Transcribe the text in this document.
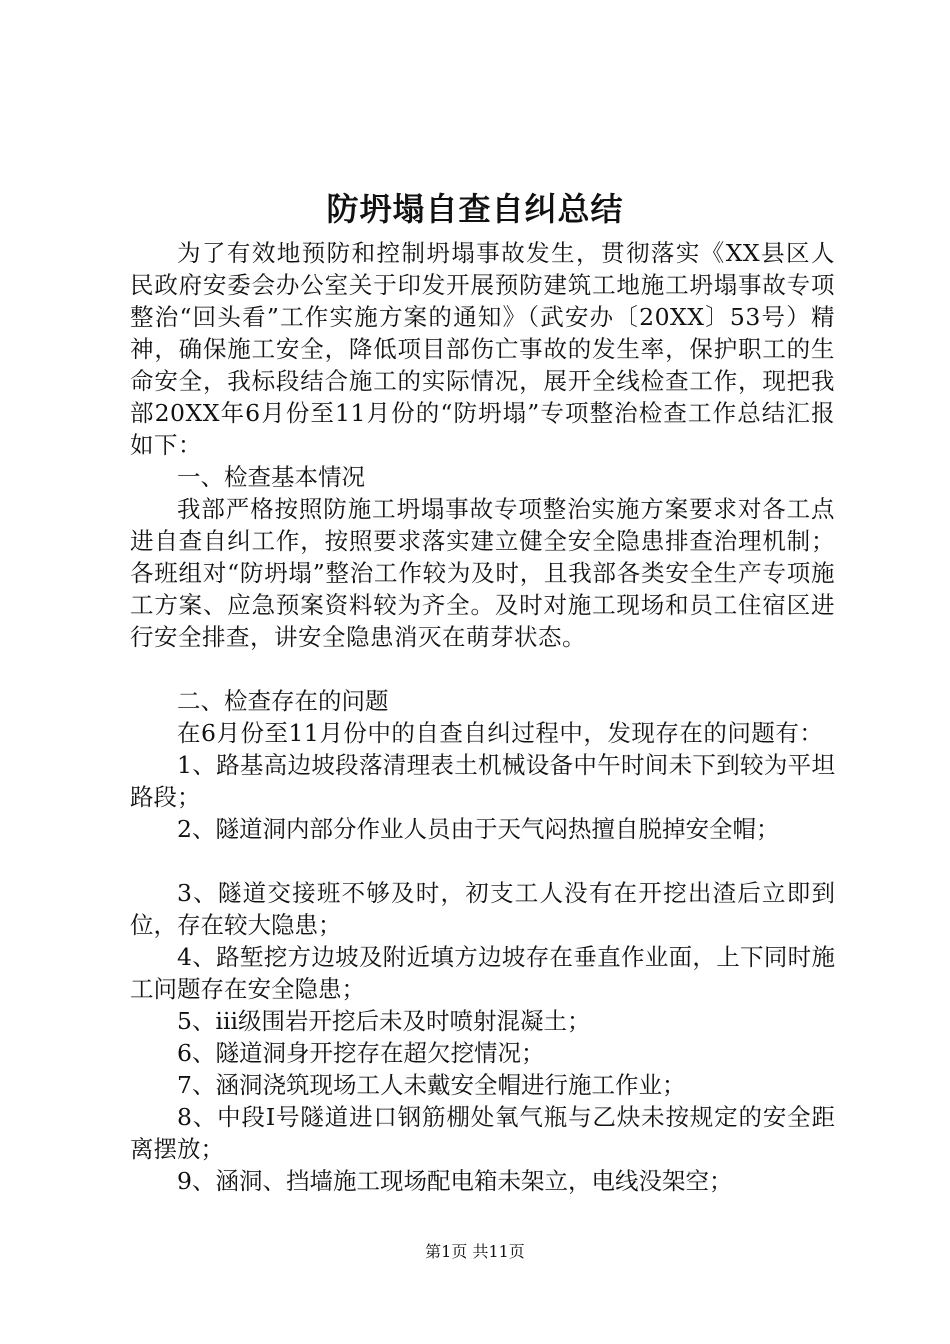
防坍塌自查自纠总结

为了有效地预防和控制坍塌事故发生，贯彻落实《XX县区人民政府安委会办公室关于印发开展预防建筑工地施工坍塌事故专项整治“回头看”工作实施方案的通知》（武安办〔20XX〕53号）精神，确保施工安全，降低项目部伤亡事故的发生率，保护职工的生命安全，我标段结合施工的实际情况，展开全线检查工作，现把我部20XX年6月份至11月份的“防坍塌”专项整治检查工作总结汇报如下：

一、检查基本情况

我部严格按照防施工坍塌事故专项整治实施方案要求对各工点进自查自纠工作，按照要求落实建立健全安全隐患排查治理机制；各班组对“防坍塌”整治工作较为及时，且我部各类安全生产专项施工方案、应急预案资料较为齐全。及时对施工现场和员工住宿区进行安全排查，讲安全隐患消灭在萌芽状态。

二、检查存在的问题

在6月份至11月份中的自查自纠过程中，发现存在的问题有：

1、路基高边坡段落清理表土机械设备中午时间未下到较为平坦路段；

2、隧道洞内部分作业人员由于天气闷热擅自脱掉安全帽；

3、隧道交接班不够及时，初支工人没有在开挖出渣后立即到位，存在较大隐患；

4、路堑挖方边坡及附近填方边坡存在垂直作业面，上下同时施工问题存在安全隐患；

5、iii级围岩开挖后未及时喷射混凝土；

6、隧道洞身开挖存在超欠挖情况；

7、涵洞浇筑现场工人未戴安全帽进行施工作业；

8、中段Ⅰ号隧道进口钢筋棚处氧气瓶与乙炔未按规定的安全距离摆放；

9、涵洞、挡墙施工现场配电箱未架立，电线没架空；

第1页 共11页
